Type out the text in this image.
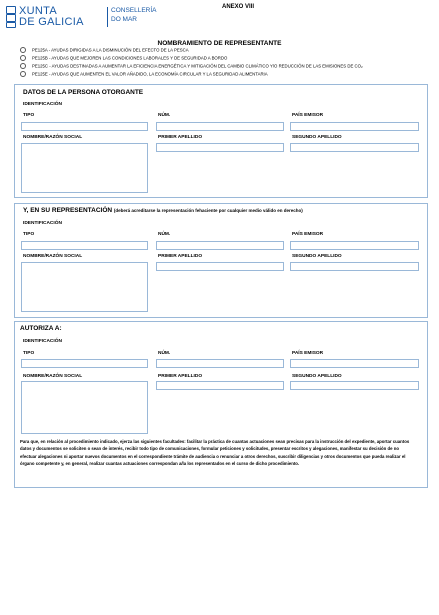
XUNTA
DE GALICIA
CONSELLERÍA
DO MAR
ANEXO VIII
NOMBRAMIENTO DE REPRESENTANTE
PE125A - AYUDAS DIRIGIDAS A LA DISMINUCIÓN DEL EFECTO DE LA PESCA
PE125B - AYUDAS QUE MEJOREN LAS CONDICIONES LABORALES Y DE SEGURIDAD A BORDO
PE125C - AYUDAS DESTINADAS A AUMENTAR LA EFICIENCIA ENERGÉTICA Y MITIGACIÓN DEL CAMBIO CLIMÁTICO Y/O REDUCCIÓN DE LAS EMISIONES DE CO₂
PE125E - AYUDAS QUE AUMENTEN EL VALOR AÑADIDO, LA ECONOMÍA CIRCULAR Y LA SEGURIDAD ALIMENTARIA
DATOS DE LA PERSONA OTORGANTE
IDENTIFICACIÓN
TIPO	NÚM.	PAÍS EMISOR
NOMBRE/RAZÓN SOCIAL	PRIMER APELLIDO	SEGUNDO APELLIDO
Y, EN SU REPRESENTACIÓN (deberá acreditarse la representación fehaciente por cualquier medio válido en derecho)
IDENTIFICACIÓN
TIPO	NÚM.	PAÍS EMISOR
NOMBRE/RAZÓN SOCIAL	PRIMER APELLIDO	SEGUNDO APELLIDO
AUTORIZA A:
IDENTIFICACIÓN
TIPO	NÚM.	PAÍS EMISOR
NOMBRE/RAZÓN SOCIAL	PRIMER APELLIDO	SEGUNDO APELLIDO
Para que, en relación al procedimiento indicado, ejerza las siguientes facultades: facilitar la práctica de cuantas actuaciones sean precisas para la instrucción del expediente, aportar cuantos datos y documentos se soliciten o sean de interés, recibir todo tipo de comunicaciones, formular peticiones y solicitudes, presentar escritos y alegaciones, manifestar su decisión de no efectuar alegaciones ni aportar nuevos documentos en el correspondiente trámite de audiencia o renunciar a otros derechos, suscribir diligencias y otros documentos que pueda realizar el órgano competente y, en general, realizar cuantas actuaciones correspondan a/la los representados en el curso de dicho procedimiento.
